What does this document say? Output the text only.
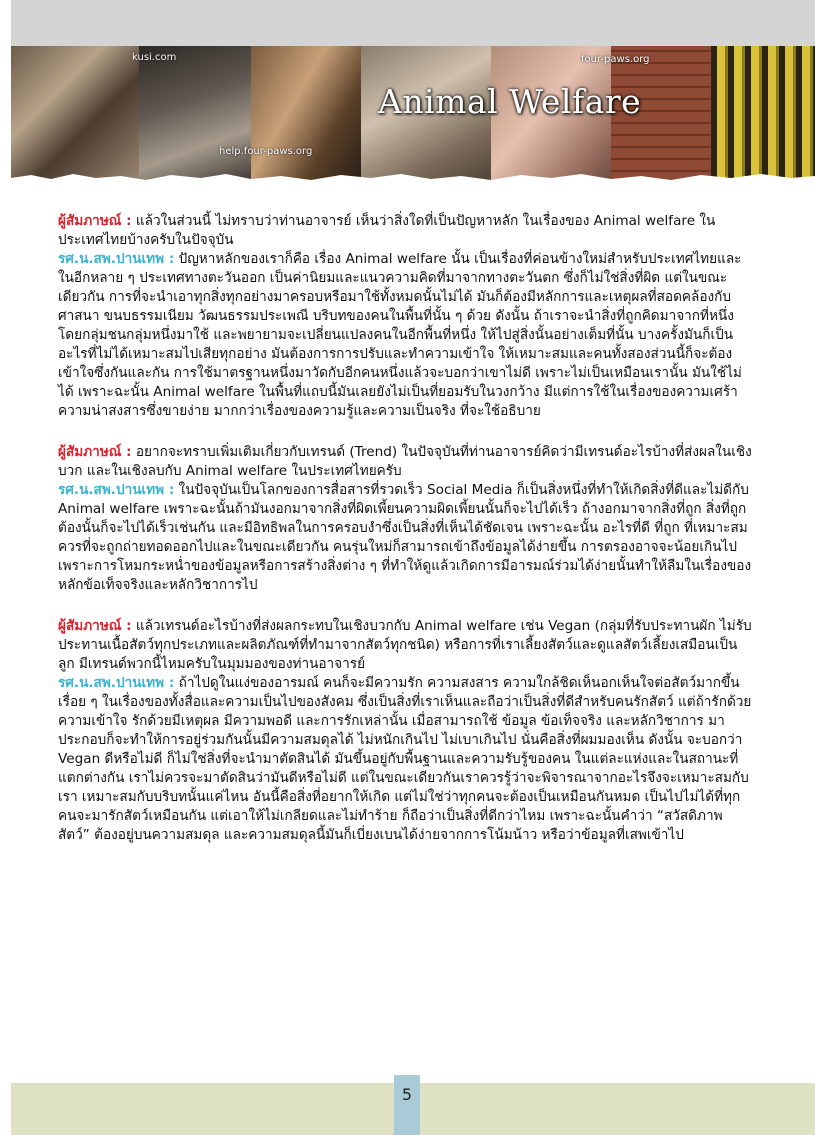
kusi.com	four-paws.org
help.four-paws.org
Animal Welfare

ผู้สัมภาษณ์ : แล้วในส่วนนี้ ไม่ทราบว่าท่านอาจารย์ เห็นว่าสิ่งใดที่เป็นปัญหาหลัก ในเรื่องของ Animal welfare ในประเทศไทยบ้างครับในปัจจุบัน
รศ.น.สพ.ปานเทพ : ปัญหาหลักของเราก็คือ เรื่อง Animal welfare นั้น เป็นเรื่องที่ค่อนข้างใหม่สำหรับประเทศไทยและในอีกหลาย ๆ ประเทศทางตะวันออก เป็นค่านิยมและแนวความคิดที่มาจากทางตะวันตก ซึ่งก็ไม่ใช่สิ่งที่ผิด แต่ในขณะเดียวกัน การที่จะนำเอาทุกสิ่งทุกอย่างมาครอบหรือมาใช้ทั้งหมดนั้นไม่ได้ มันก็ต้องมีหลักการและเหตุผลที่สอดคล้องกับศาสนา ขนบธรรมเนียม วัฒนธรรมประเพณี บริบทของคนในพื้นที่นั้น ๆ ด้วย ดังนั้น ถ้าเราจะนำสิ่งที่ถูกคิดมาจากที่หนึ่งโดยกลุ่มชนกลุ่มหนึ่งมาใช้ และพยายามจะเปลี่ยนแปลงคนในอีกพื้นที่หนึ่ง ให้ไปสู่สิ่งนั้นอย่างเต็มที่นั้น บางครั้งมันก็เป็นอะไรที่ไม่ได้เหมาะสมไปเสียทุกอย่าง มันต้องการการปรับและทำความเข้าใจ ให้เหมาะสมและคนทั้งสองส่วนนี้ก็จะต้องเข้าใจซึ่งกันและกัน การใช้มาตรฐานหนึ่งมาวัดกับอีกคนหนึ่งแล้วจะบอกว่าเขาไม่ดี เพราะไม่เป็นเหมือนเรานั้น มันใช้ไม่ได้ เพราะฉะนั้น Animal welfare ในพื้นที่แถบนี้มันเลยยังไม่เป็นที่ยอมรับในวงกว้าง มีแต่การใช้ในเรื่องของความเศร้า ความน่าสงสารซึ่งขายง่าย มากกว่าเรื่องของความรู้และความเป็นจริง ที่จะใช้อธิบาย

ผู้สัมภาษณ์ : อยากจะทราบเพิ่มเติมเกี่ยวกับเทรนด์ (Trend) ในปัจจุบันที่ท่านอาจารย์คิดว่ามีเทรนด์อะไรบ้างที่ส่งผลในเชิงบวก และในเชิงลบกับ Animal welfare ในประเทศไทยครับ
รศ.น.สพ.ปานเทพ : ในปัจจุบันเป็นโลกของการสื่อสารที่รวดเร็ว Social Media ก็เป็นสิ่งหนึ่งที่ทำให้เกิดสิ่งที่ดีและไม่ดีกับ Animal welfare เพราะฉะนั้นถ้ามันงอกมาจากสิ่งที่ผิดเพี้ยนความผิดเพี้ยนนั้นก็จะไปได้เร็ว ถ้างอกมาจากสิ่งที่ถูก สิ่งที่ถูกต้องนั้นก็จะไปได้เร็วเช่นกัน และมีอิทธิพลในการครอบงำซึ่งเป็นสิ่งที่เห็นได้ชัดเจน เพราะฉะนั้น อะไรที่ดี ที่ถูก ที่เหมาะสม ควรที่จะถูกถ่ายทอดออกไปและในขณะเดียวกัน คนรุ่นใหม่ก็สามารถเข้าถึงข้อมูลได้ง่ายขึ้น การตรองอาจจะน้อยเกินไป เพราะการโหมกระหน่ำของข้อมูลหรือการสร้างสิ่งต่าง ๆ ที่ทำให้ดูแล้วเกิดการมีอารมณ์ร่วมได้ง่ายนั้นทำให้ลืมในเรื่องของหลักข้อเท็จจริงและหลักวิชาการไป

ผู้สัมภาษณ์ : แล้วเทรนด์อะไรบ้างที่ส่งผลกระทบในเชิงบวกกับ Animal welfare เช่น Vegan (กลุ่มที่รับประทานผัก ไม่รับประทานเนื้อสัตว์ทุกประเภทและผลิตภัณฑ์ที่ทำมาจากสัตว์ทุกชนิด) หรือการที่เราเลี้ยงสัตว์และดูแลสัตว์เลี้ยงเสมือนเป็นลูก มีเทรนด์พวกนี้ไหมครับในมุมมองของท่านอาจารย์
รศ.น.สพ.ปานเทพ : ถ้าไปดูในแง่ของอารมณ์ คนก็จะมีความรัก ความสงสาร ความใกล้ชิดเห็นอกเห็นใจต่อสัตว์มากขึ้นเรื่อย ๆ ในเรื่องของทั้งสื่อและความเป็นไปของสังคม ซึ่งเป็นสิ่งที่เราเห็นและถือว่าเป็นสิ่งที่ดีสำหรับคนรักสัตว์ แต่ถ้ารักด้วยความเข้าใจ รักด้วยมีเหตุผล มีความพอดี และการรักเหล่านั้น เมื่อสามารถใช้ ข้อมูล ข้อเท็จจริง และหลักวิชาการ มาประกอบก็จะทำให้การอยู่ร่วมกันนั้นมีความสมดุลได้ ไม่หนักเกินไป ไม่เบาเกินไป นั่นคือสิ่งที่ผมมองเห็น ดังนั้น จะบอกว่า Vegan ดีหรือไม่ดี ก็ไม่ใช่สิ่งที่จะนำมาตัดสินได้ มันขึ้นอยู่กับพื้นฐานและความรับรู้ของคน ในแต่ละแห่งและในสถานะที่แตกต่างกัน เราไม่ควรจะมาตัดสินว่ามันดีหรือไม่ดี แต่ในขณะเดียวกันเราควรรู้ว่าจะพิจารณาจากอะไรจึงจะเหมาะสมกับเรา เหมาะสมกับบริบทนั้นแค่ไหน อันนี้คือสิ่งที่อยากให้เกิด แต่ไม่ใช่ว่าทุกคนจะต้องเป็นเหมือนกันหมด เป็นไปไม่ได้ที่ทุกคนจะมารักสัตว์เหมือนกัน แต่เอาให้ไม่เกลียดและไม่ทำร้าย ก็ถือว่าเป็นสิ่งที่ดีกว่าไหม เพราะฉะนั้นคำว่า “สวัสดิภาพสัตว์” ต้องอยู่บนความสมดุล และความสมดุลนี้มันก็เบี่ยงเบนได้ง่ายจากการโน้มน้าว หรือว่าข้อมูลที่เสพเข้าไป

5
